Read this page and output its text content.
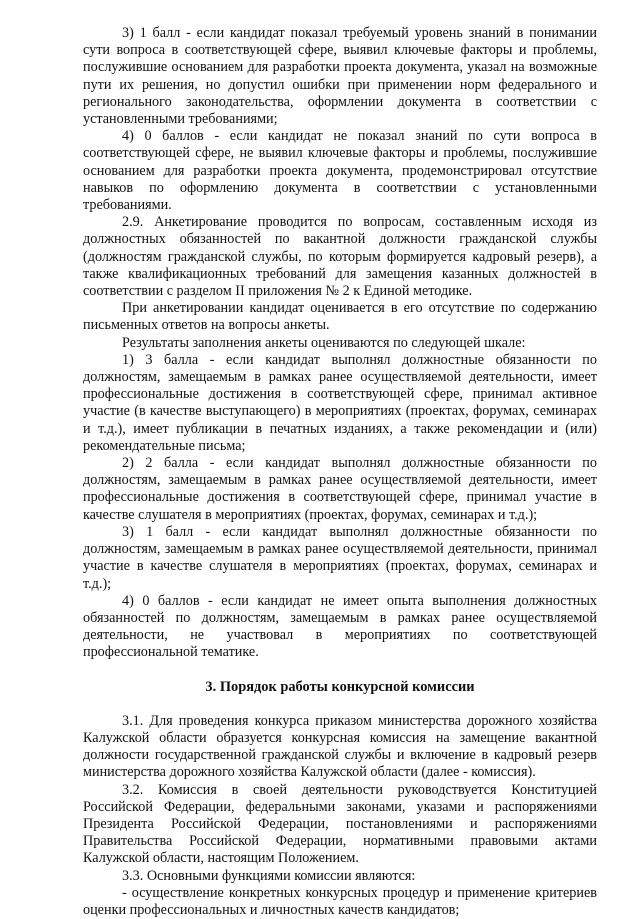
3) 1 балл - если кандидат показал требуемый уровень знаний в понимании сути вопроса в соответствующей сфере, выявил ключевые факторы и проблемы, послужившие основанием для разработки проекта документа, указал на возможные пути их решения, но допустил ошибки при применении норм федерального и регионального законодательства, оформлении документа в соответствии с установленными требованиями;

4) 0 баллов - если кандидат не показал знаний по сути вопроса в соответствующей сфере, не выявил ключевые факторы и проблемы, послужившие основанием для разработки проекта документа, продемонстрировал отсутствие навыков по оформлению документа в соответствии с установленными требованиями.

2.9. Анкетирование проводится по вопросам, составленным исходя из должностных обязанностей по вакантной должности гражданской службы (должностям гражданской службы, по которым формируется кадровый резерв), а также квалификационных требований для замещения казанных должностей в соответствии с разделом II приложения № 2 к Единой методике.

При анкетировании кандидат оценивается в его отсутствие по содержанию письменных ответов на вопросы анкеты.

Результаты заполнения анкеты оцениваются по следующей шкале:

1) 3 балла - если кандидат выполнял должностные обязанности по должностям, замещаемым в рамках ранее осуществляемой деятельности, имеет профессиональные достижения в соответствующей сфере, принимал активное участие (в качестве выступающего) в мероприятиях (проектах, форумах, семинарах и т.д.), имеет публикации в печатных изданиях, а также рекомендации и (или) рекомендательные письма;

2) 2 балла - если кандидат выполнял должностные обязанности по должностям, замещаемым в рамках ранее осуществляемой деятельности, имеет профессиональные достижения в соответствующей сфере, принимал участие в качестве слушателя в мероприятиях (проектах, форумах, семинарах и т.д.);

3) 1 балл - если кандидат выполнял должностные обязанности по должностям, замещаемым в рамках ранее осуществляемой деятельности, принимал участие в качестве слушателя в мероприятиях (проектах, форумах, семинарах и т.д.);

4) 0 баллов - если кандидат не имеет опыта выполнения должностных обязанностей по должностям, замещаемым в рамках ранее осуществляемой деятельности, не участвовал в мероприятиях по соответствующей профессиональной тематике.

3. Порядок работы конкурсной комиссии

3.1. Для проведения конкурса приказом министерства дорожного хозяйства Калужской области образуется конкурсная комиссия на замещение вакантной должности государственной гражданской службы и включение в кадровый резерв министерства дорожного хозяйства Калужской области (далее - комиссия).

3.2. Комиссия в своей деятельности руководствуется Конституцией Российской Федерации, федеральными законами, указами и распоряжениями Президента Российской Федерации, постановлениями и распоряжениями Правительства Российской Федерации, нормативными правовыми актами Калужской области, настоящим Положением.

3.3. Основными функциями комиссии являются:

- осуществление конкретных конкурсных процедур и применение критериев оценки профессиональных и личностных качеств кандидатов;
